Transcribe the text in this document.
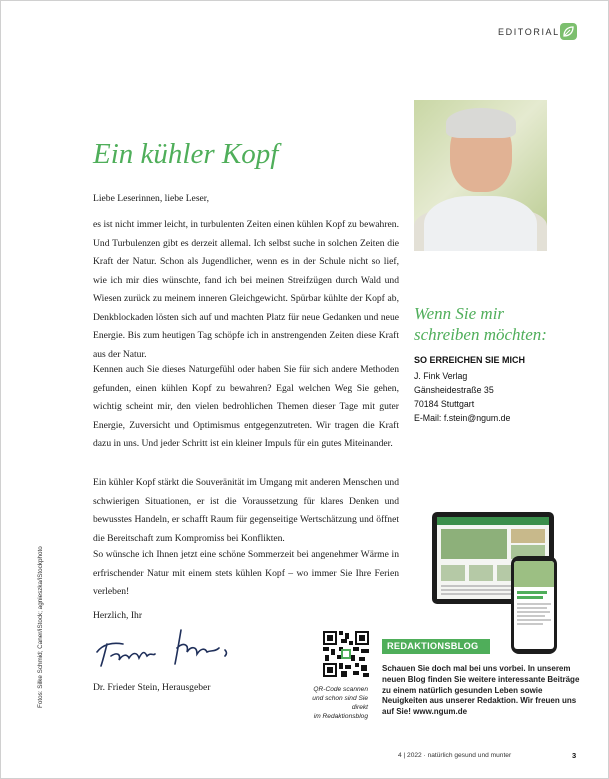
EDITORIAL
Ein kühler Kopf

Liebe Leserinnen, liebe Leser,

es ist nicht immer leicht, in turbulenten Zeiten einen kühlen Kopf zu bewahren. Und Turbulenzen gibt es derzeit allemal. Ich selbst suche in solchen Zeiten die Kraft der Natur. Schon als Jugendlicher, wenn es in der Schule nicht so lief, wie ich mir dies wünschte, fand ich bei meinen Streifzügen durch Wald und Wiesen zurück zu meinem inneren Gleichgewicht. Spürbar kühlte der Kopf ab, Denkblockaden lösten sich auf und machten Platz für neue Gedanken und neue Energie. Bis zum heutigen Tag schöpfe ich in anstrengenden Zeiten diese Kraft aus der Natur.

Kennen auch Sie dieses Naturgefühl oder haben Sie für sich andere Methoden gefunden, einen kühlen Kopf zu bewahren? Egal welchen Weg Sie gehen, wichtig scheint mir, den vielen bedrohlichen Themen dieser Tage mit guter Energie, Zuversicht und Optimismus entgegenzutreten. Wir tragen die Kraft dazu in uns. Und jeder Schritt ist ein kleiner Impuls für ein gutes Miteinander.

Ein kühler Kopf stärkt die Souveränität im Umgang mit anderen Menschen und schwierigen Situationen, er ist die Voraussetzung für klares Denken und bewusstes Handeln, er schafft Raum für gegenseitige Wertschätzung und öffnet die Bereitschaft zum Kompromiss bei Konflikten.

So wünsche ich Ihnen jetzt eine schöne Sommerzeit bei angenehmer Wärme in erfrischender Natur mit einem stets kühlen Kopf – wo immer Sie Ihre Ferien verleben!

Herzlich, Ihr

Dr. Frieder Stein, Herausgeber

Fotos: Silke Schmid; Caner/iStock; agnieszka/iStockphoto
Wenn Sie mir
schreiben möchten:
SO ERREICHEN SIE MICH
J. Fink Verlag
Gänsheidestraße 35
70184 Stuttgart
E-Mail: f.stein@ngum.de
QR-Code scannen
und schon sind Sie direkt
im Redaktionsblog
REDAKTIONSBLOG
Schauen Sie doch mal bei uns vorbei. In unserem neuen Blog finden Sie weitere interessante Beiträge zu einem natürlich gesunden Leben sowie Neuigkeiten aus unserer Redaktion. Wir freuen uns auf Sie! www.ngum.de
4 | 2022 · natürlich gesund und munter	3
